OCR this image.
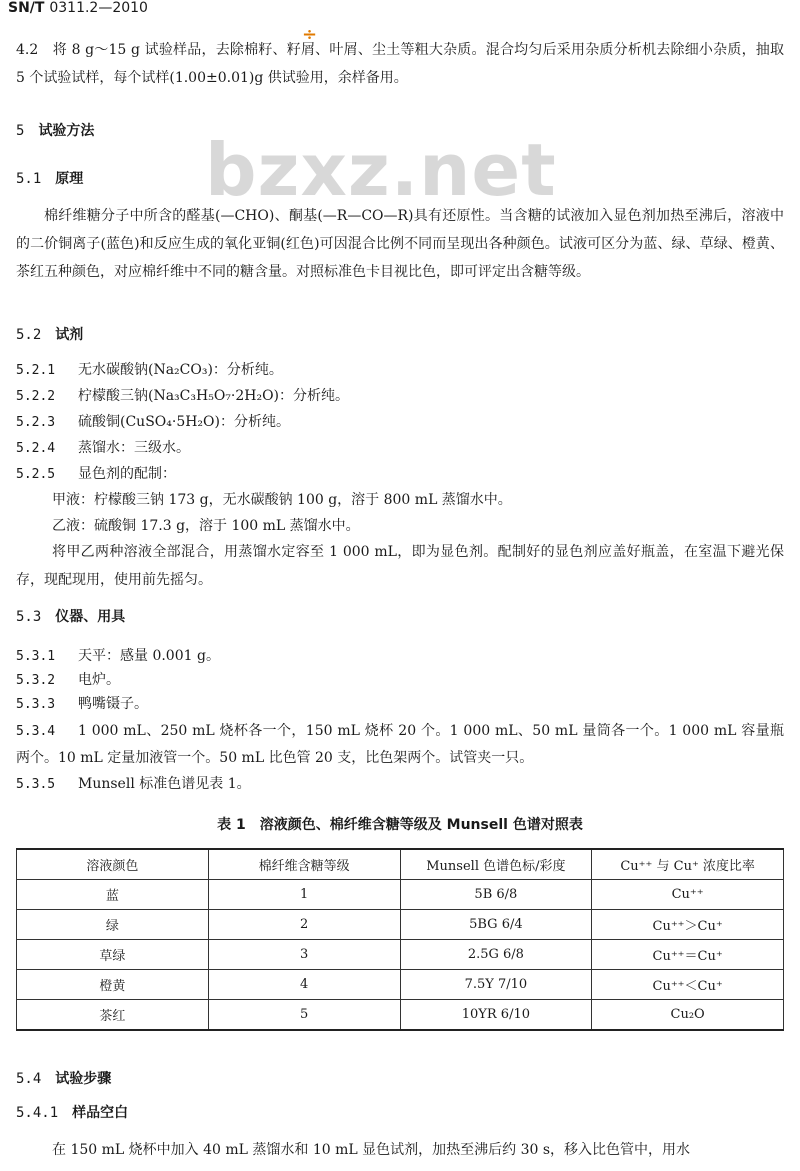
SN/T 0311.2—2010
÷
bzxz.net
4.2　将 8 g～15 g 试验样品，去除棉籽、籽屑、叶屑、尘土等粗大杂质。混合均匀后采用杂质分析机去除细小杂质，抽取 5 个试验试样，每个试样(1.00±0.01)g 供试验用，余样备用。
5 试验方法
5.1 原理
棉纤维糖分子中所含的醛基(—CHO)、酮基(—R—CO—R)具有还原性。当含糖的试液加入显色剂加热至沸后，溶液中的二价铜离子(蓝色)和反应生成的氧化亚铜(红色)可因混合比例不同而呈现出各种颜色。试液可区分为蓝、绿、草绿、橙黄、茶红五种颜色，对应棉纤维中不同的糖含量。对照标准色卡目视比色，即可评定出含糖等级。
5.2 试剂
5.2.1 无水碳酸钠(Na₂CO₃)：分析纯。
5.2.2 柠檬酸三钠(Na₃C₃H₅O₇·2H₂O)：分析纯。
5.2.3 硫酸铜(CuSO₄·5H₂O)：分析纯。
5.2.4 蒸馏水：三级水。
5.2.5 显色剂的配制：
甲液：柠檬酸三钠 173 g，无水碳酸钠 100 g，溶于 800 mL 蒸馏水中。
乙液：硫酸铜 17.3 g，溶于 100 mL 蒸馏水中。
将甲乙两种溶液全部混合，用蒸馏水定容至 1 000 mL，即为显色剂。配制好的显色剂应盖好瓶盖，在室温下避光保存，现配现用，使用前先摇匀。
5.3 仪器、用具
5.3.1 天平：感量 0.001 g。
5.3.2 电炉。
5.3.3 鸭嘴镊子。
5.3.4 1 000 mL、250 mL 烧杯各一个，150 mL 烧杯 20 个。1 000 mL、50 mL 量筒各一个。1 000 mL 容量瓶两个。10 mL 定量加液管一个。50 mL 比色管 20 支，比色架两个。试管夹一只。
5.3.5 Munsell 标准色谱见表 1。
表 1　溶液颜色、棉纤维含糖等级及 Munsell 色谱对照表
溶液颜色	棉纤维含糖等级	Munsell 色谱色标/彩度	Cu⁺⁺ 与 Cu⁺ 浓度比率
蓝	1	5B 6/8	Cu⁺⁺
绿	2	5BG 6/4	Cu⁺⁺＞Cu⁺
草绿	3	2.5G 6/8	Cu⁺⁺＝Cu⁺
橙黄	4	7.5Y 7/10	Cu⁺⁺＜Cu⁺
茶红	5	10YR 6/10	Cu₂O
5.4 试验步骤
5.4.1 样品空白
在 150 mL 烧杯中加入 40 mL 蒸馏水和 10 mL 显色试剂，加热至沸后约 30 s，移入比色管中，用水
